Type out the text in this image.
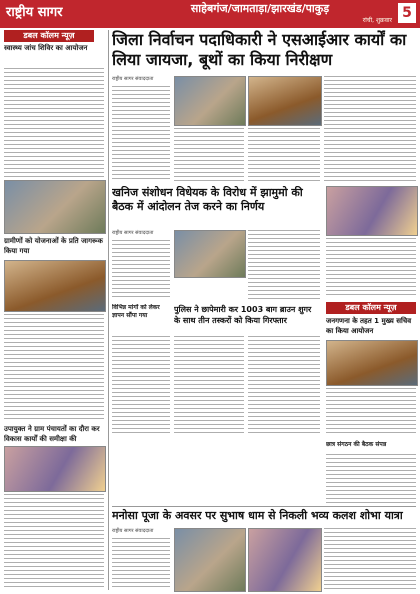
राष्ट्रीय सागर	साहेबगंज/जामताड़ा/झारखंड/पाकुड़
रांची, शुक्रवार 5
डबल कॉलम न्यूज़
स्वास्थ्य जांच शिविर का आयोजन
ग्रामीणों को योजनाओं के प्रति जागरूक किया गया
उपायुक्त ने ग्राम पंचायतों का दौरा कर विकास कार्यों की समीक्षा की
जिला निर्वाचन पदाधिकारी ने एसआईआर कार्यों का लिया जायजा, बूथों का किया निरीक्षण
राष्ट्रीय सागर संवाददाता
खनिज संशोधन विधेयक के विरोध में झामुमो की बैठक में आंदोलन तेज करने का निर्णय
राष्ट्रीय सागर संवाददाता
विभिन्न मांगों को लेकर ज्ञापन सौंपा गया
पुलिस ने छापेमारी कर 1003 बाग ब्राउन शुगर के साथ तीन तस्करों को किया गिरफ्तार
डबल कॉलम न्यूज़
जनगणना के तहत 1 मुख्य सचिव का किया आयोजन
छात्र संगठन की बैठक संपन्न
मनोसा पूजा के अवसर पर सुभाष धाम से निकली भव्य कलश शोभा यात्रा
राष्ट्रीय सागर संवाददाता
